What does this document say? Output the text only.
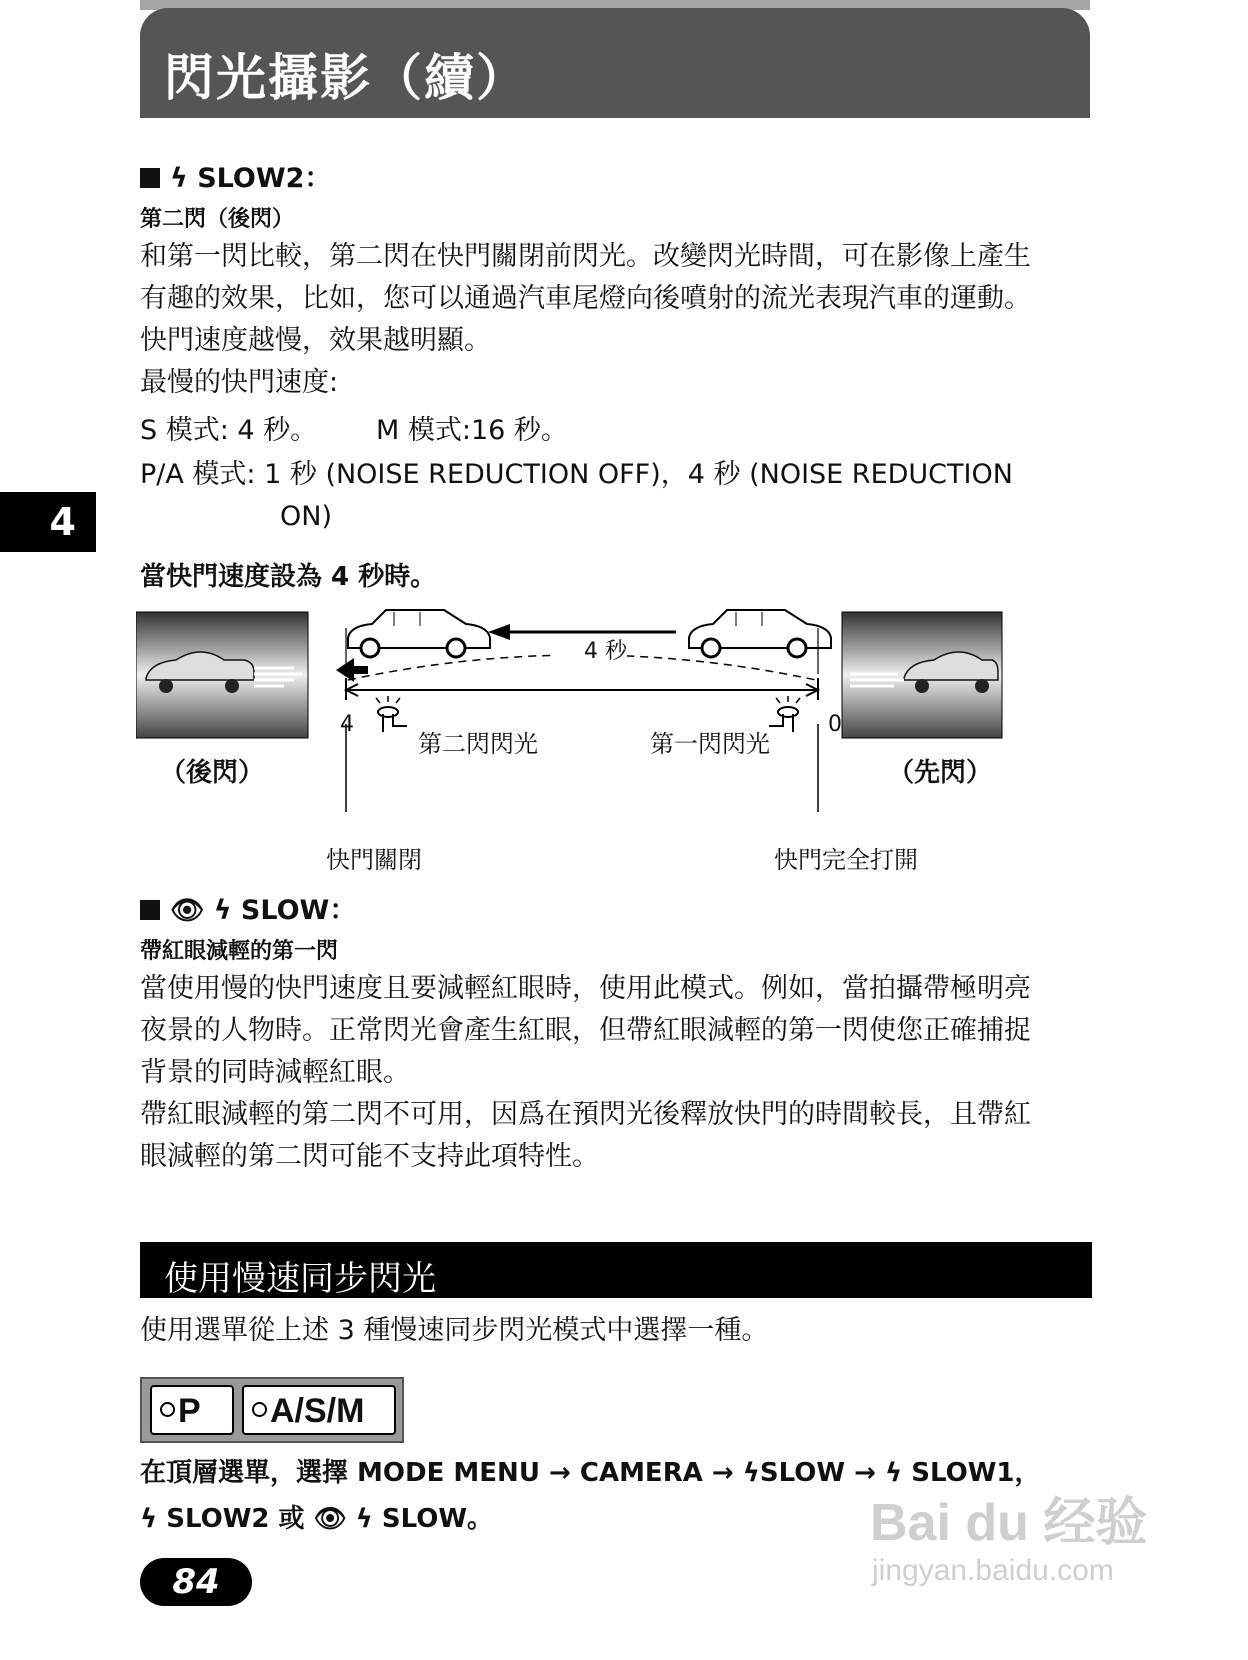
閃光攝影（續）
4
ϟ SLOW2：
第二閃（後閃）
和第一閃比較，第二閃在快門關閉前閃光。改變閃光時間，可在影像上產生
有趣的效果，比如，您可以通過汽車尾燈向後噴射的流光表現汽車的運動。
快門速度越慢，效果越明顯。
最慢的快門速度:
S 模式: 4 秒。 M 模式:16 秒。
P/A 模式: 1 秒 (NOISE REDUCTION OFF)，4 秒 (NOISE REDUCTION
ON)
當快門速度設為 4 秒時。
4 秒
4	0
第二閃閃光	第一閃閃光
（後閃）	（先閃）
快門關閉	快門完全打開
👁 ϟ SLOW：
帶紅眼減輕的第一閃
當使用慢的快門速度且要減輕紅眼時，使用此模式。例如，當拍攝帶極明亮
夜景的人物時。正常閃光會產生紅眼，但帶紅眼減輕的第一閃使您正確捕捉
背景的同時減輕紅眼。
帶紅眼減輕的第二閃不可用，因爲在預閃光後釋放快門的時間較長，且帶紅
眼減輕的第二閃可能不支持此項特性。
使用慢速同步閃光
使用選單從上述 3 種慢速同步閃光模式中選擇一種。
P	A/S/M
在頂層選單，選擇 MODE MENU → CAMERA → ϟSLOW → ϟ SLOW1，
ϟ SLOW2 或 👁 ϟ SLOW。
84
Bai du 经验
jingyan.baidu.com
